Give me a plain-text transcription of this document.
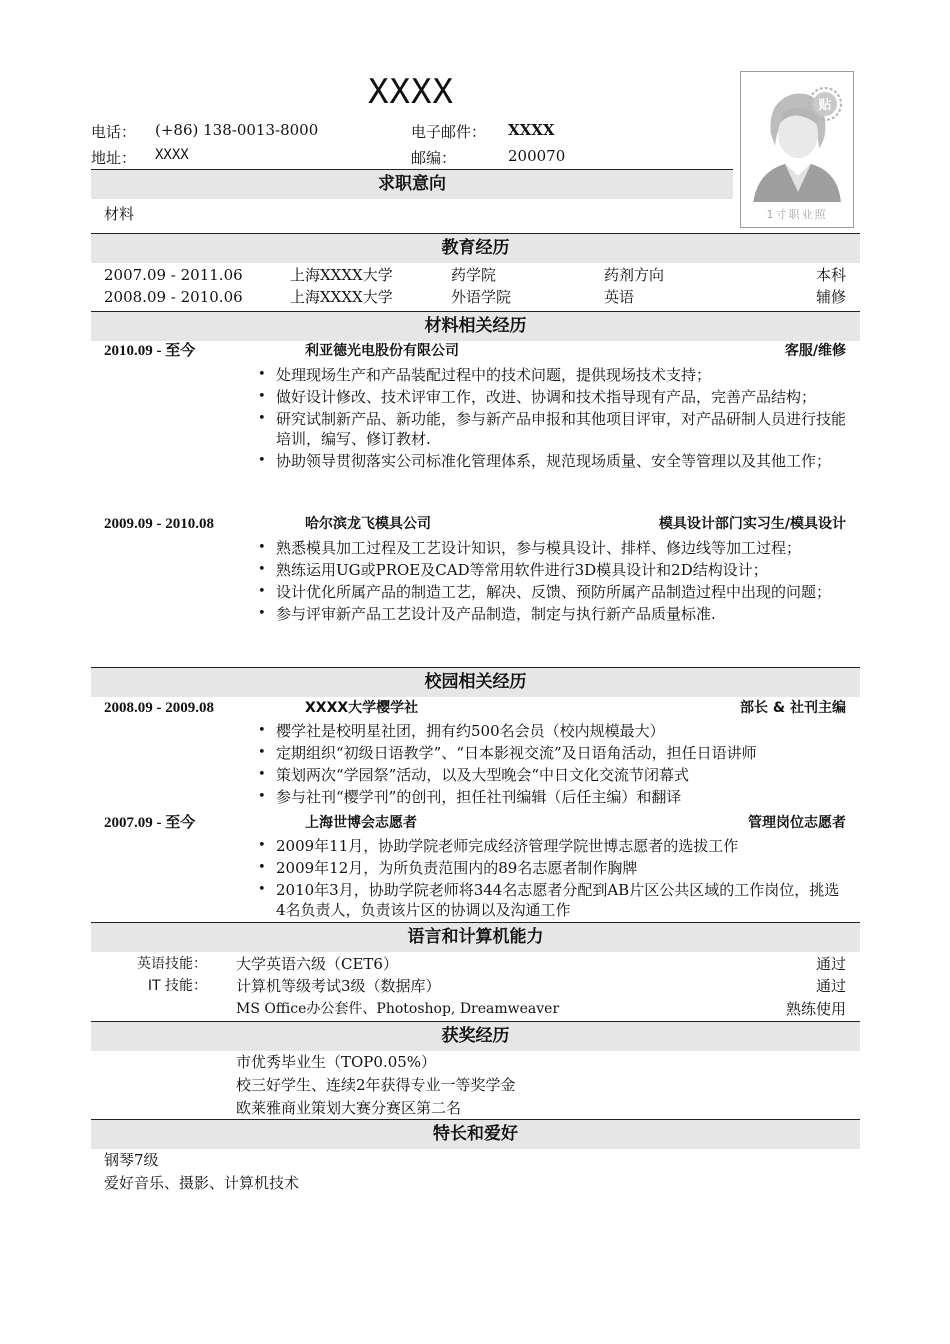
XXXX	贴
1寸职业照
电话： (+86) 138-0013-8000	电子邮件： XXXX
地址： XXXX	邮编：	200070
求职意向
材料
教育经历
2007.09 - 2011.06	上海XXXX大学	药学院	药剂方向	本科
2008.09 - 2010.06	上海XXXX大学	外语学院	英语	辅修
材料相关经历
2010.09 - 至今	利亚德光电股份有限公司	客服/维修
• 处理现场生产和产品装配过程中的技术问题，提供现场技术支持；
• 做好设计修改、技术评审工作，改进、协调和技术指导现有产品，完善产品结构；
• 研究试制新产品、新功能，参与新产品申报和其他项目评审，对产品研制人员进行技能培训，编写、修订教材.
• 协助领导贯彻落实公司标准化管理体系，规范现场质量、安全等管理以及其他工作；
2009.09 - 2010.08	哈尔滨龙飞模具公司	模具设计部门实习生/模具设计
• 熟悉模具加工过程及工艺设计知识，参与模具设计、排样、修边线等加工过程；
• 熟练运用UG或PROE及CAD等常用软件进行3D模具设计和2D结构设计；
• 设计优化所属产品的制造工艺，解决、反馈、预防所属产品制造过程中出现的问题；
• 参与评审新产品工艺设计及产品制造，制定与执行新产品质量标准.
校园相关经历
2008.09 - 2009.08	XXXX大学樱学社	部长 & 社刊主编
• 樱学社是校明星社团，拥有约500名会员（校内规模最大）
• 定期组织“初级日语教学”、“日本影视交流”及日语角活动，担任日语讲师
• 策划两次“学园祭”活动，以及大型晚会“中日文化交流节闭幕式
• 参与社刊“樱学刊”的创刊，担任社刊编辑（后任主编）和翻译
2007.09 - 至今	上海世博会志愿者	管理岗位志愿者
• 2009年11月，协助学院老师完成经济管理学院世博志愿者的选拔工作
• 2009年12月，为所负责范围内的89名志愿者制作胸牌
• 2010年3月，协助学院老师将344名志愿者分配到AB片区公共区域的工作岗位，挑选4名负责人，负责该片区的协调以及沟通工作
语言和计算机能力
英语技能： 大学英语六级（CET6）	通过
IT 技能： 计算机等级考试3级（数据库）	通过
MS Office办公套件、Photoshop, Dreamweaver	熟练使用
获奖经历
市优秀毕业生（TOP0.05%）
校三好学生、连续2年获得专业一等奖学金
欧莱雅商业策划大赛分赛区第二名
特长和爱好
钢琴7级
爱好音乐、摄影、计算机技术
